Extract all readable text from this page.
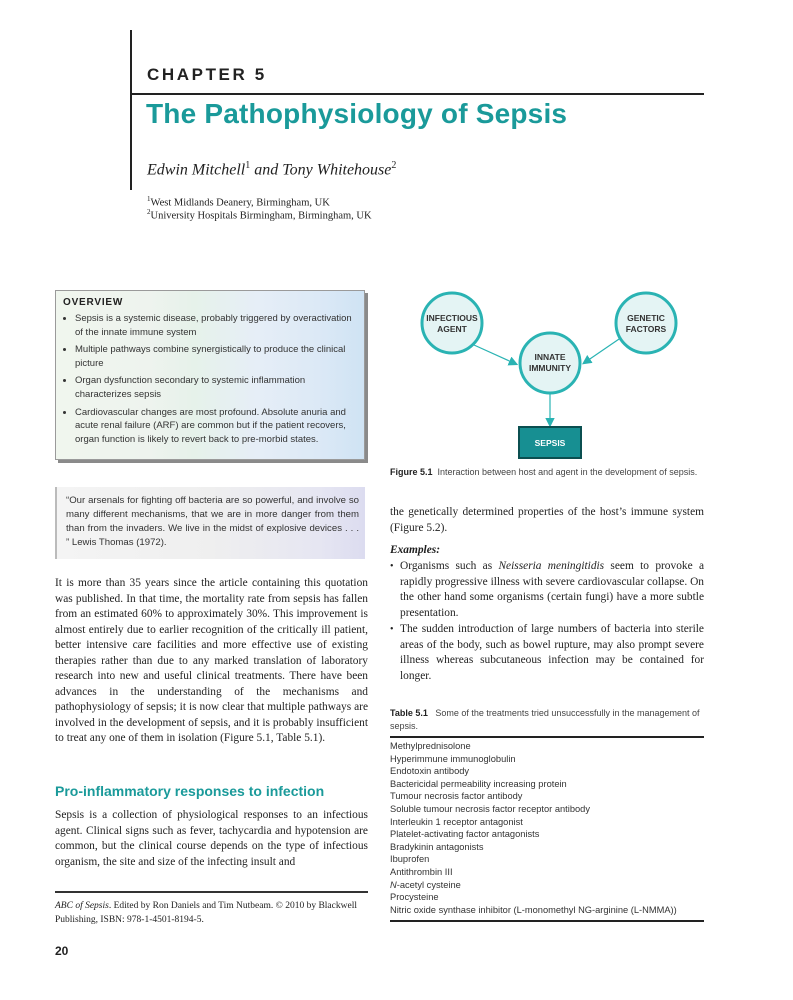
CHAPTER 5
The Pathophysiology of Sepsis
Edwin Mitchell$^1$ and Tony Whitehouse$^2$
$^1$West Midlands Deanery, Birmingham, UK
$^2$University Hospitals Birmingham, Birmingham, UK
OVERVIEW
• Sepsis is a systemic disease, probably triggered by overactivation of the innate immune system
• Multiple pathways combine synergistically to produce the clinical picture
• Organ dysfunction secondary to systemic inflammation characterizes sepsis
• Cardiovascular changes are most profound. Absolute anuria and acute renal failure (ARF) are common but if the patient recovers, organ function is likely to revert back to pre-morbid states.
“Our arsenals for fighting off bacteria are so powerful, and involve so many different mechanisms, that we are in more danger from them than from the invaders. We live in the midst of explosive devices . . . ” Lewis Thomas (1972).
It is more than 35 years since the article containing this quotation was published. In that time, the mortality rate from sepsis has fallen from an estimated 60% to approximately 30%. This improvement is almost entirely due to earlier recognition of the critically ill patient, better intensive care facilities and more effective use of existing therapies rather than due to any marked translation of laboratory research into new and useful clinical treatments. There have been advances in the understanding of the mechanisms and pathophysiology of sepsis; it is now clear that multiple pathways are involved in the development of sepsis, and it is probably insufficient to treat any one of them in isolation (Figure 5.1, Table 5.1).
Pro-inflammatory responses to infection
Sepsis is a collection of physiological responses to an infectious agent. Clinical signs such as fever, tachycardia and hypotension are common, but the clinical course depends on the type of infectious organism, the site and size of the infecting insult and
ABC of Sepsis. Edited by Ron Daniels and Tim Nutbeam. © 2010 by Blackwell Publishing, ISBN: 978-1-4501-8194-5.
20
INFECTIOUS
AGENT
GENETIC
FACTORS
INNATE
IMMUNITY
SEPSIS
Figure 5.1 Interaction between host and agent in the development of sepsis.
the genetically determined properties of the host’s immune system (Figure 5.2).
Examples:
• Organisms such as Neisseria meningitidis seem to provoke a rapidly progressive illness with severe cardiovascular collapse. On the other hand some organisms (certain fungi) have a more subtle presentation.
• The sudden introduction of large numbers of bacteria into sterile areas of the body, such as bowel rupture, may also prompt severe illness whereas subcutaneous infection may be contained for longer.
Table 5.1 Some of the treatments tried unsuccessfully in the management of sepsis.
Methylprednisolone
Hyperimmune immunoglobulin
Endotoxin antibody
Bactericidal permeability increasing protein
Tumour necrosis factor antibody
Soluble tumour necrosis factor receptor antibody
Interleukin 1 receptor antagonist
Platelet-activating factor antagonists
Bradykinin antagonists
Ibuprofen
Antithrombin III
N-acetyl cysteine
Procysteine
Nitric oxide synthase inhibitor (L-monomethyl NG-arginine (L-NMMA))
